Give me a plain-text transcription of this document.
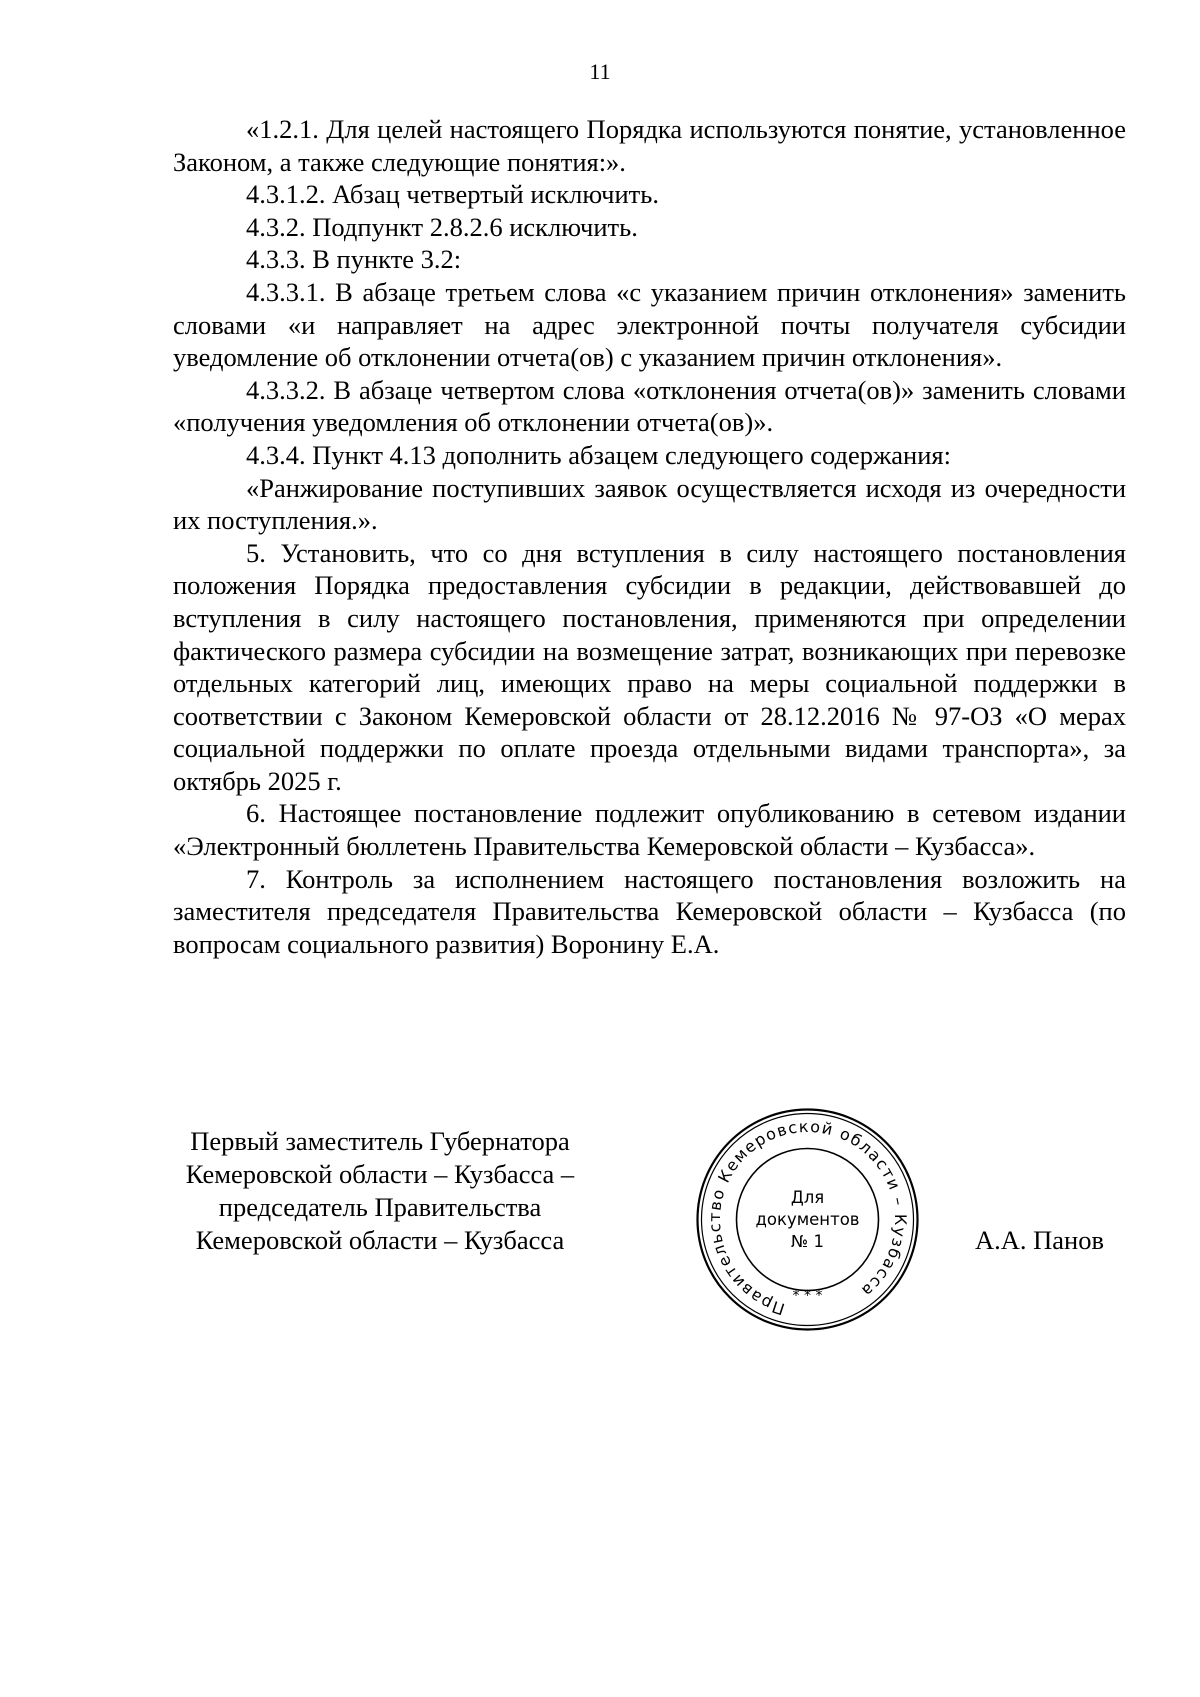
11

«1.2.1. Для целей настоящего Порядка используются понятие, установленное Законом, а также следующие понятия:».

4.3.1.2. Абзац четвертый исключить.

4.3.2. Подпункт 2.8.2.6 исключить.

4.3.3. В пункте 3.2:

4.3.3.1. В абзаце третьем слова «с указанием причин отклонения» заменить словами «и направляет на адрес электронной почты получателя субсидии уведомление об отклонении отчета(ов) с указанием причин отклонения».

4.3.3.2. В абзаце четвертом слова «отклонения отчета(ов)» заменить словами «получения уведомления об отклонении отчета(ов)».

4.3.4. Пункт 4.13 дополнить абзацем следующего содержания:

«Ранжирование поступивших заявок осуществляется исходя из очередности их поступления.».

5. Установить, что со дня вступления в силу настоящего постановления положения Порядка предоставления субсидии в редакции, действовавшей до вступления в силу настоящего постановления, применяются при определении фактического размера субсидии на возмещение затрат, возникающих при перевозке отдельных категорий лиц, имеющих право на меры социальной поддержки в соответствии с Законом Кемеровской области от 28.12.2016 № 97-ОЗ «О мерах социальной поддержки по оплате проезда отдельными видами транспорта», за октябрь 2025 г.

6. Настоящее постановление подлежит опубликованию в сетевом издании «Электронный бюллетень Правительства Кемеровской области – Кузбасса».

7. Контроль за исполнением настоящего постановления возложить на заместителя председателя Правительства Кемеровской области – Кузбасса (по вопросам социального развития) Воронину Е.А.

Первый заместитель Губернатора
Кемеровской области – Кузбасса –
председатель Правительства
Кемеровской области – Кузбасса
Правительство Кемеровской области – Кузбасса
Для
документов
№ 1
* * *
А.А. Панов
